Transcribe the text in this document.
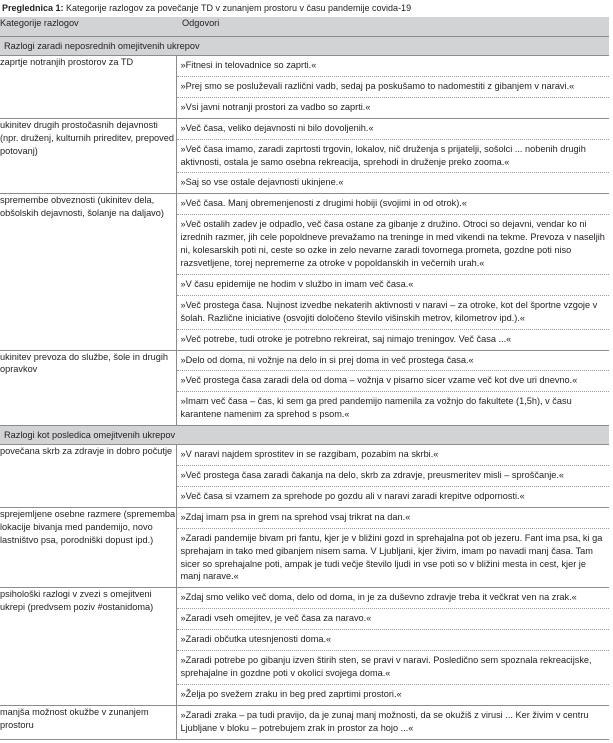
Preglednica 1: Kategorije razlogov za povečanje TD v zunanjem prostoru v času pandemije covida-19
Kategorije razlogov	Odgovori
Razlogi zaradi neposrednih omejitvenih ukrepov	
zaprtje notranjih prostorov za TD	»Fitnesi in telovadnice so zaprti.«
»Prej smo se posluževali različni vadb, sedaj pa poskušamo to nadomestiti z gibanjem v naravi.«
»Vsi javni notranji prostori za vadbo so zaprti.«

ukinitev drugih prostočasnih dejavnosti (npr. druženj, kulturnih prireditev, prepoved potovanj)	»Več časa, veliko dejavnosti ni bilo dovoljenih.«
»Več časa imamo, zaradi zaprtosti trgovin, lokalov, nič druženja s prijatelji, sošolci ... nobenih drugih aktivnosti, ostala je samo osebna rekreacija, sprehodi in druženje preko zooma.«
»Saj so vse ostale dejavnosti ukinjene.«

spremembe obveznosti (ukinitev dela, obšolskih dejavnosti, šolanje na daljavo)	»Več časa. Manj obremenjenosti z drugimi hobiji (svojimi in od otrok).«
»Več ostalih zadev je odpadlo, več časa ostane za gibanje z družino. Otroci so dejavni, vendar ko ni izrednih razmer, jih cele popoldneve prevažamo na treninge in med vikendi na tekme. Prevoza v naseljih ni, kolesarskih poti ni, ceste so ozke in zelo nevarne zaradi tovornega prometa, gozdne poti niso razsvetljene, torej nepremerne za otroke v popoldanskih in večernih urah.«
»V času epidemije ne hodim v službo in imam več časa.«
»Več prostega časa. Nujnost izvedbe nekaterih aktivnosti v naravi – za otroke, kot del športne vzgoje v šolah. Različne iniciative (osvojiti določeno število višinskih metrov, kilometrov ipd.).«
»Več potrebe, tudi otroke je potrebno rekreirat, saj nimajo treningov. Več časa ...«

ukinitev prevoza do službe, šole in drugih opravkov	»Delo od doma, ni vožnje na delo in si prej doma in več prostega časa.«
»Več prostega časa zaradi dela od doma – vožnja v pisarno sicer vzame več kot dve uri dnevno.«
»Imam več časa – čas, ki sem ga pred pandemijo namenila za vožnjo do fakultete (1,5h), v času karantene namenim za sprehod s psom.«

Razlogi kot posledica omejitvenih ukrepov	
povečana skrb za zdravje in dobro počutje	»V naravi najdem sprostitev in se razgibam, pozabim na skrbi.«
»Več prostega časa zaradi čakanja na delo, skrb za zdravje, preusmeritev misli – sproščanje.«
»Več časa si vzamem za sprehode po gozdu ali v naravi zaradi krepitve odpornosti.«

sprejemljene osebne razmere (sprememba lokacije bivanja med pandemijo, novo lastništvo psa, porodniški dopust ipd.)	»Zdaj imam psa in grem na sprehod vsaj trikrat na dan.«
»Zaradi pandemije bivam pri fantu, kjer je v bližini gozd in sprehajalna pot ob jezeru. Fant ima psa, ki ga sprehajam in tako med gibanjem nisem sama. V Ljubljani, kjer živim, imam po navadi manj časa. Tam sicer so sprehajalne poti, ampak je tudi večje število ljudi in vse poti so v bližini mesta in cest, kjer je manj narave.«

psihološki razlogi v zvezi s omejitveni ukrepi (predvsem poziv #ostanidoma)	»Zdaj smo veliko več doma, delo od doma, in je za duševno zdravje treba it večkrat ven na zrak.«
»Zaradi vseh omejitev, je več časa za naravo.«
»Zaradi občutka utesnjenosti doma.«
»Zaradi potrebe po gibanju izven štirih sten, se pravi v naravi. Posledično sem spoznala rekreacijske, sprehajalne in gozdne poti v okolici svojega doma.«
»Želja po svežem zraku in beg pred zaprtimi prostori.«

manjša možnost okužbe v zunanjem prostoru	»Zaradi zraka – pa tudi pravijo, da je zunaj manj možnosti, da se okužiš z virusi ... Ker živim v centru Ljubljane v bloku – potrebujem zrak in prostor za hojo ...«
